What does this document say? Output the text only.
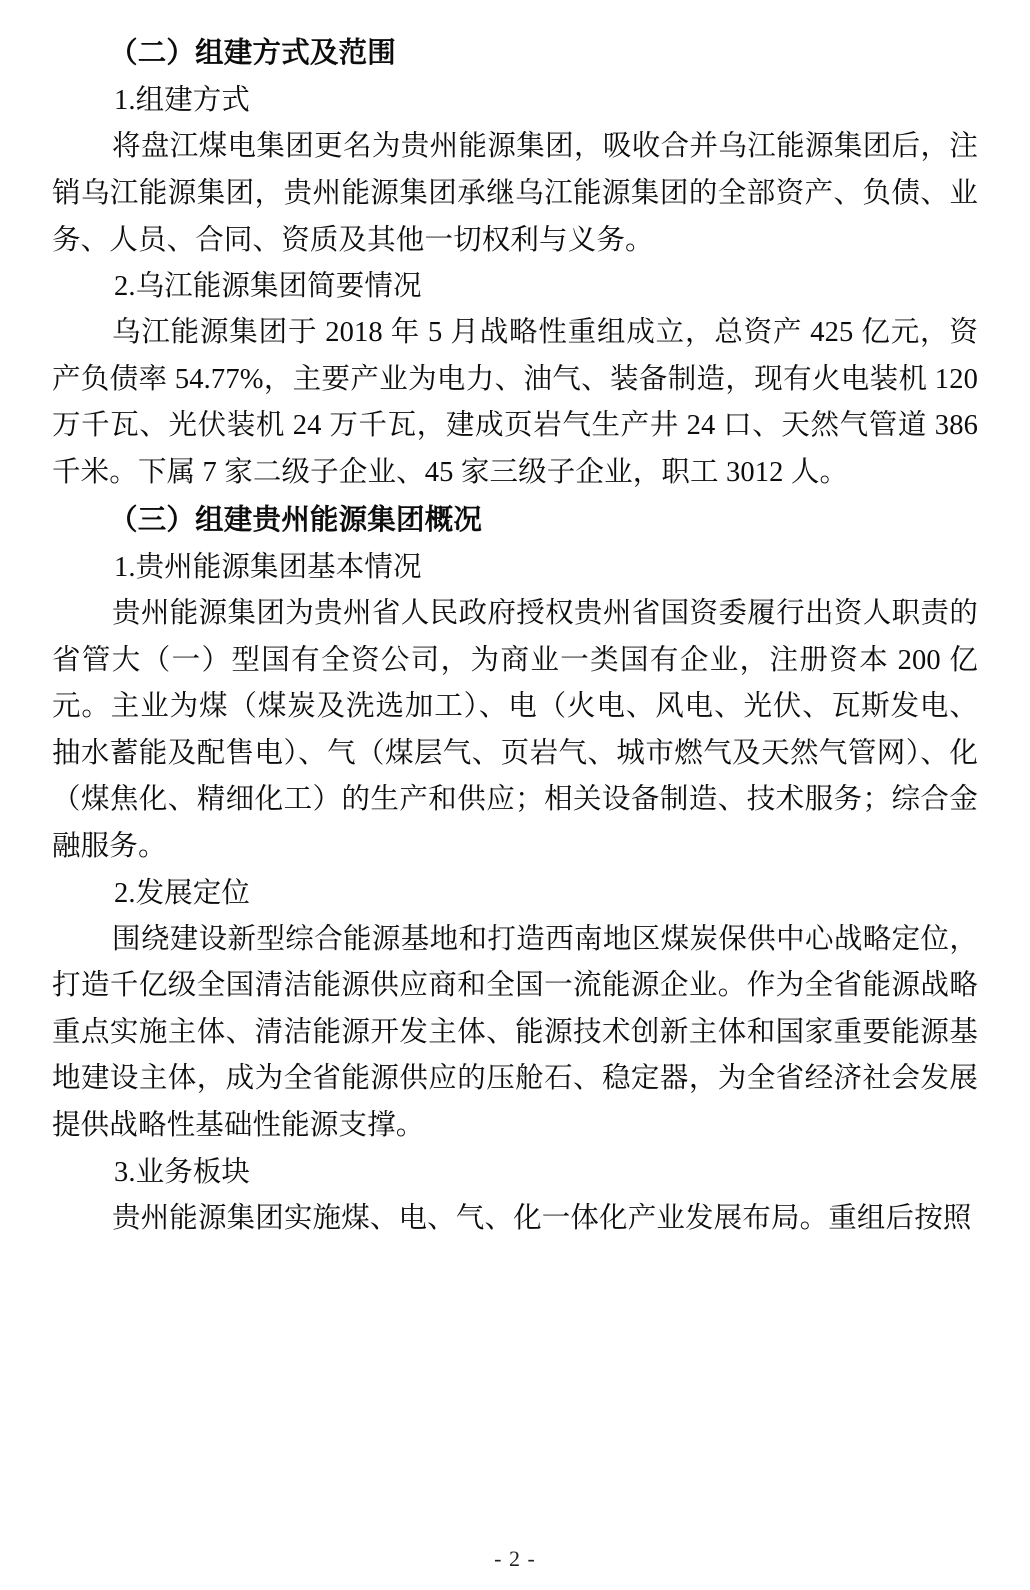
（二）组建方式及范围

1.组建方式

将盘江煤电集团更名为贵州能源集团，吸收合并乌江能源集团后，注销乌江能源集团，贵州能源集团承继乌江能源集团的全部资产、负债、业务、人员、合同、资质及其他一切权利与义务。

2.乌江能源集团简要情况

乌江能源集团于 2018 年 5 月战略性重组成立，总资产 425 亿元，资产负债率 54.77%，主要产业为电力、油气、装备制造，现有火电装机 120 万千瓦、光伏装机 24 万千瓦，建成页岩气生产井 24 口、天然气管道 386 千米。下属 7 家二级子企业、45 家三级子企业，职工 3012 人。

（三）组建贵州能源集团概况

1.贵州能源集团基本情况

贵州能源集团为贵州省人民政府授权贵州省国资委履行出资人职责的省管大（一）型国有全资公司，为商业一类国有企业，注册资本 200 亿元。主业为煤（煤炭及洗选加工）、电（火电、风电、光伏、瓦斯发电、抽水蓄能及配售电）、气（煤层气、页岩气、城市燃气及天然气管网）、化（煤焦化、精细化工）的生产和供应；相关设备制造、技术服务；综合金融服务。

2.发展定位

围绕建设新型综合能源基地和打造西南地区煤炭保供中心战略定位，打造千亿级全国清洁能源供应商和全国一流能源企业。作为全省能源战略重点实施主体、清洁能源开发主体、能源技术创新主体和国家重要能源基地建设主体，成为全省能源供应的压舱石、稳定器，为全省经济社会发展提供战略性基础性能源支撑。

3.业务板块

贵州能源集团实施煤、电、气、化一体化产业发展布局。重组后按照

- 2 -
